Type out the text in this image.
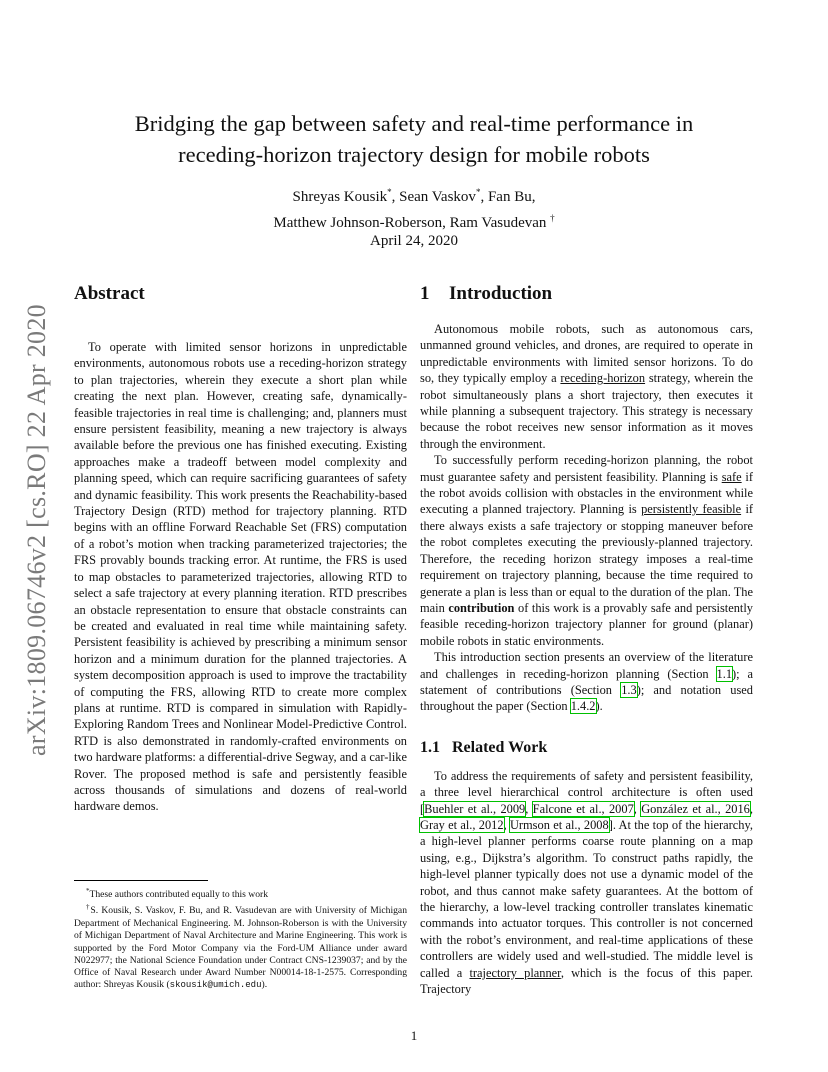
arXiv:1809.06746v2 [cs.RO] 22 Apr 2020
Bridging the gap between safety and real-time performance in
receding-horizon trajectory design for mobile robots
Shreyas Kousik*, Sean Vaskov*, Fan Bu,
Matthew Johnson-Roberson, Ram Vasudevan †
April 24, 2020
Abstract

To operate with limited sensor horizons in unpredictable environments, autonomous robots use a receding-horizon strategy to plan trajectories, wherein they execute a short plan while creating the next plan. However, creating safe, dynamically-feasible trajectories in real time is challenging; and, planners must ensure persistent feasibility, meaning a new trajectory is always available before the previous one has finished executing. Existing approaches make a tradeoff between model complexity and planning speed, which can require sacrificing guarantees of safety and dynamic feasibility. This work presents the Reachability-based Trajectory Design (RTD) method for trajectory planning. RTD begins with an offline Forward Reachable Set (FRS) computation of a robot’s motion when tracking parameterized trajectories; the FRS provably bounds tracking error. At runtime, the FRS is used to map obstacles to parameterized trajectories, allowing RTD to select a safe trajectory at every planning iteration. RTD prescribes an obstacle representation to ensure that obstacle constraints can be created and evaluated in real time while maintaining safety. Persistent feasibility is achieved by prescribing a minimum sensor horizon and a minimum duration for the planned trajectories. A system decomposition approach is used to improve the tractability of computing the FRS, allowing RTD to create more complex plans at runtime. RTD is compared in simulation with Rapidly-Exploring Random Trees and Nonlinear Model-Predictive Control. RTD is also demonstrated in randomly-crafted environments on two hardware platforms: a differential-drive Segway, and a car-like Rover. The proposed method is safe and persistently feasible across thousands of simulations and dozens of real-world hardware demos.

*These authors contributed equally to this work

†S. Kousik, S. Vaskov, F. Bu, and R. Vasudevan are with University of Michigan Department of Mechanical Engineering. M. Johnson-Roberson is with the University of Michigan Department of Naval Architecture and Marine Engineering. This work is supported by the Ford Motor Company via the Ford-UM Alliance under award N022977; the National Science Foundation under Contract CNS-1239037; and by the Office of Naval Research under Award Number N00014-18-1-2575. Corresponding author: Shreyas Kousik (skousik@umich.edu).

1 Introduction

Autonomous mobile robots, such as autonomous cars, unmanned ground vehicles, and drones, are required to operate in unpredictable environments with limited sensor horizons. To do so, they typically employ a receding-horizon strategy, wherein the robot simultaneously plans a short trajectory, then executes it while planning a subsequent trajectory. This strategy is necessary because the robot receives new sensor information as it moves through the environment.

To successfully perform receding-horizon planning, the robot must guarantee safety and persistent feasibility. Planning is safe if the robot avoids collision with obstacles in the environment while executing a planned trajectory. Planning is persistently feasible if there always exists a safe trajectory or stopping maneuver before the robot completes executing the previously-planned trajectory. Therefore, the receding horizon strategy imposes a real-time requirement on trajectory planning, because the time required to generate a plan is less than or equal to the duration of the plan. The main contribution of this work is a provably safe and persistently feasible receding-horizon trajectory planner for ground (planar) mobile robots in static environments.

This introduction section presents an overview of the literature and challenges in receding-horizon planning (Section 1.1); a statement of contributions (Section 1.3); and notation used throughout the paper (Section 1.4.2).

1.1 Related Work

To address the requirements of safety and persistent feasibility, a three level hierarchical control architecture is often used [Buehler et al., 2009, Falcone et al., 2007, González et al., 2016, Gray et al., 2012, Urmson et al., 2008]. At the top of the hierarchy, a high-level planner performs coarse route planning on a map using, e.g., Dijkstra’s algorithm. To construct paths rapidly, the high-level planner typically does not use a dynamic model of the robot, and thus cannot make safety guarantees. At the bottom of the hierarchy, a low-level tracking controller translates kinematic commands into actuator torques. This controller is not concerned with the robot’s environment, and real-time applications of these controllers are widely used and well-studied. The middle level is called a trajectory planner, which is the focus of this paper. Trajectory

1
